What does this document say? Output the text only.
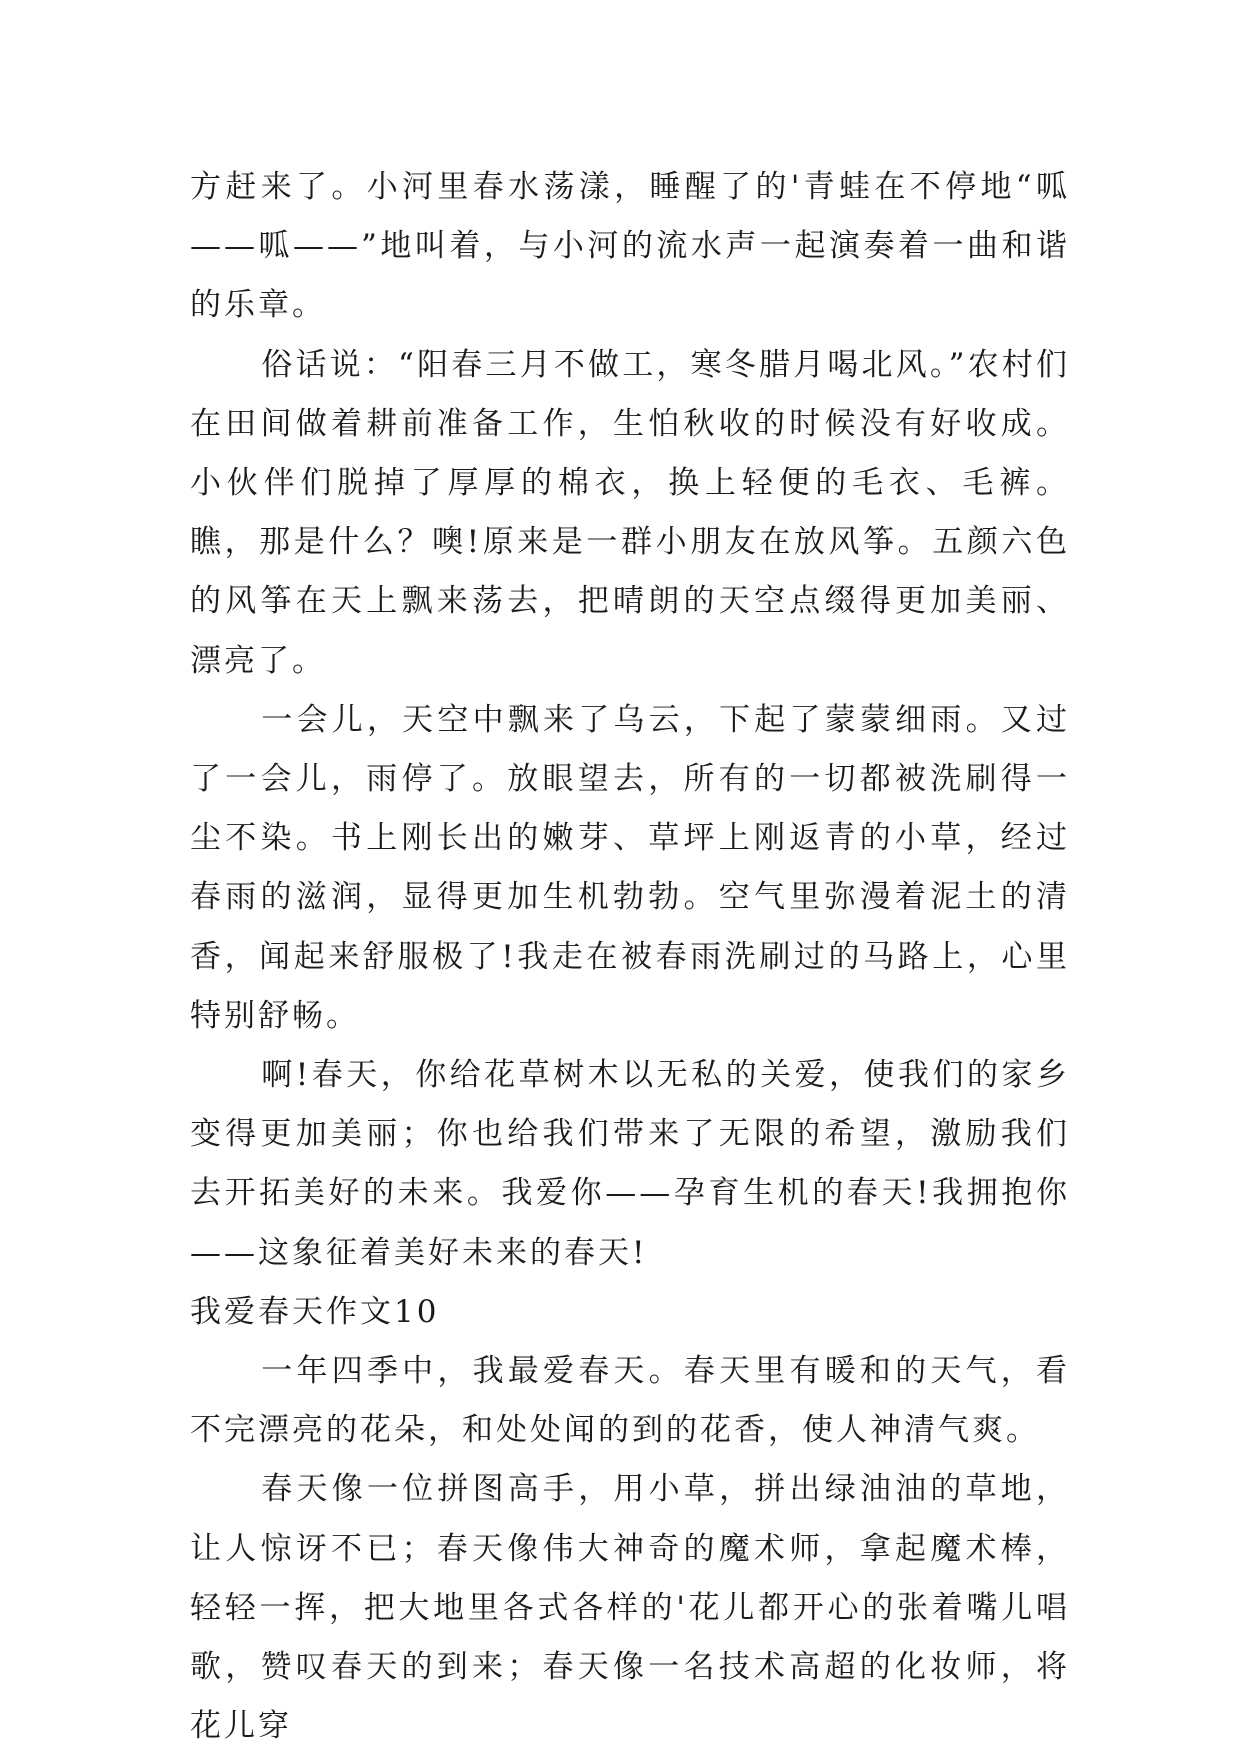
方赶来了。小河里春水荡漾，睡醒了的'青蛙在不停地“呱——呱——”地叫着，与小河的流水声一起演奏着一曲和谐的乐章。

俗话说：“阳春三月不做工，寒冬腊月喝北风。”农村们在田间做着耕前准备工作，生怕秋收的时候没有好收成。小伙伴们脱掉了厚厚的棉衣，换上轻便的毛衣、毛裤。瞧，那是什么？噢!原来是一群小朋友在放风筝。五颜六色的风筝在天上飘来荡去，把晴朗的天空点缀得更加美丽、漂亮了。

一会儿，天空中飘来了乌云，下起了蒙蒙细雨。又过了一会儿，雨停了。放眼望去，所有的一切都被洗刷得一尘不染。书上刚长出的嫩芽、草坪上刚返青的小草，经过春雨的滋润，显得更加生机勃勃。空气里弥漫着泥土的清香，闻起来舒服极了!我走在被春雨洗刷过的马路上，心里特别舒畅。

啊!春天，你给花草树木以无私的关爱，使我们的家乡变得更加美丽；你也给我们带来了无限的希望，激励我们去开拓美好的未来。我爱你——孕育生机的春天!我拥抱你——这象征着美好未来的春天!

我爱春天作文10

一年四季中，我最爱春天。春天里有暖和的天气，看不完漂亮的花朵，和处处闻的到的花香，使人神清气爽。

春天像一位拼图高手，用小草，拼出绿油油的草地，让人惊讶不已；春天像伟大神奇的魔术师，拿起魔术棒，轻轻一挥，把大地里各式各样的'花儿都开心的张着嘴儿唱歌，赞叹春天的到来；春天像一名技术高超的化妆师，将花儿穿
